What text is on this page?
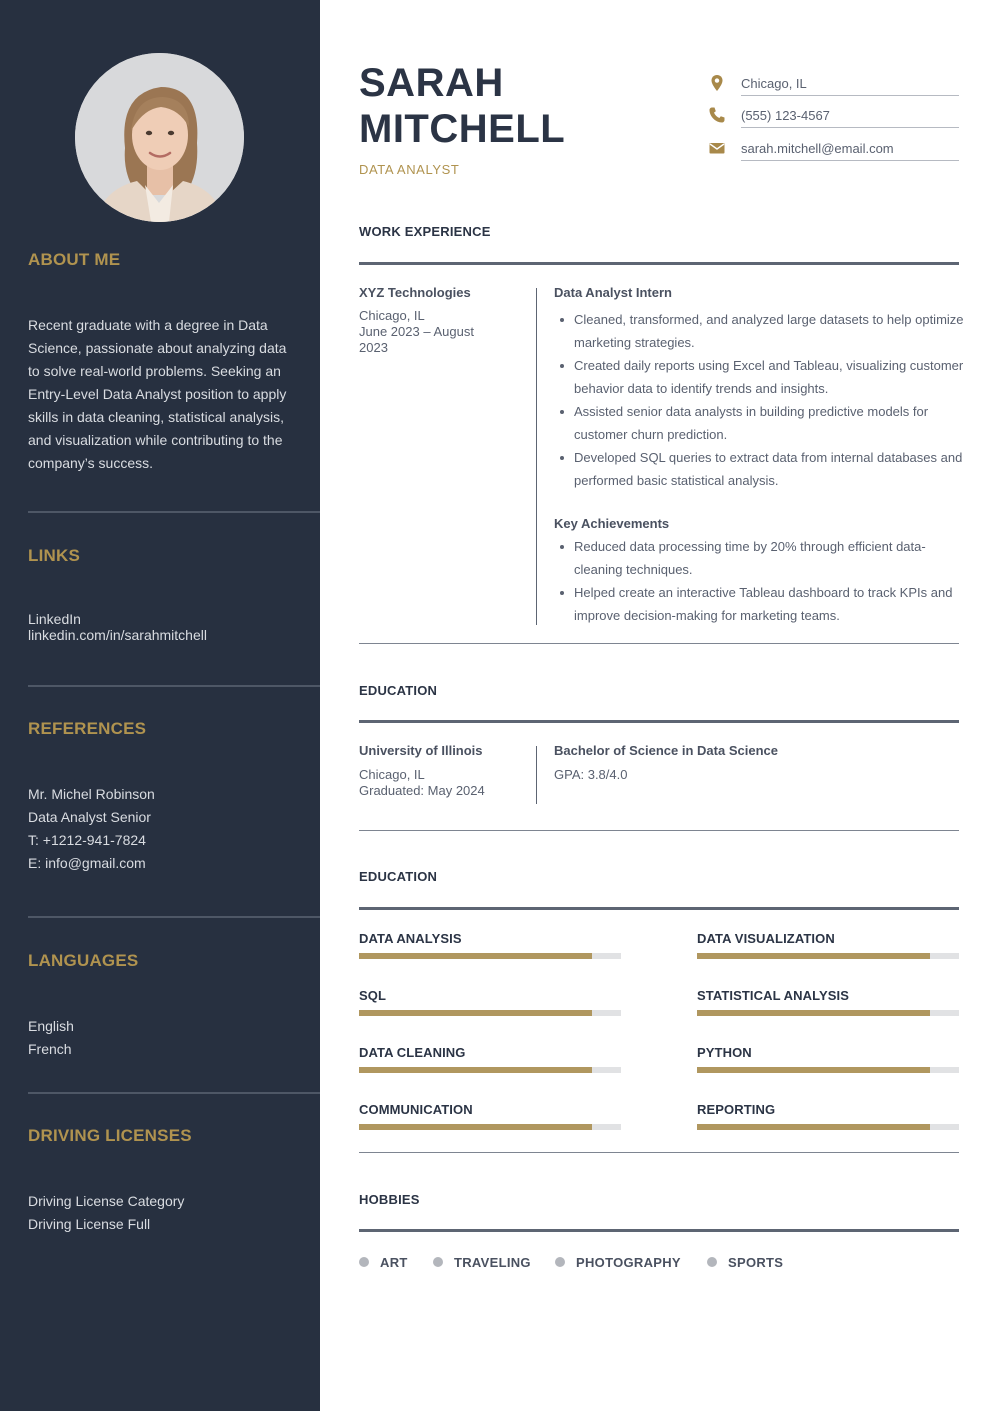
ABOUT ME

Recent graduate with a degree in Data Science, passionate about analyzing data to solve real-world problems. Seeking an Entry-Level Data Analyst position to apply skills in data cleaning, statistical analysis, and visualization while contributing to the company’s success.

LINKS
LinkedIn
linkedin.com/in/sarahmitchell
REFERENCES
Mr. Michel Robinson
Data Analyst Senior
T: +1212-941-7824
E: info@gmail.com
LANGUAGES
English
French
DRIVING LICENSES
Driving License Category
Driving License Full
SARAH
MITCHELL
DATA ANALYST
Chicago, IL
(555) 123-4567
sarah.mitchell@email.com
WORK EXPERIENCE
XYZ Technologies
Chicago, IL
June 2023 – August 2023
Data Analyst Intern
Cleaned, transformed, and analyzed large datasets to help optimize marketing strategies.
Created daily reports using Excel and Tableau, visualizing customer behavior data to identify trends and insights.
Assisted senior data analysts in building predictive models for customer churn prediction.
Developed SQL queries to extract data from internal databases and performed basic statistical analysis.
Key Achievements
Reduced data processing time by 20% through efficient data-cleaning techniques.
Helped create an interactive Tableau dashboard to track KPIs and improve decision-making for marketing teams.
EDUCATION
University of Illinois
Chicago, IL
Graduated: May 2024
Bachelor of Science in Data Science
GPA: 3.8/4.0
EDUCATION
DATA ANALYSIS	DATA VISUALIZATION
SQL	STATISTICAL ANALYSIS
DATA CLEANING	PYTHON
COMMUNICATION	REPORTING
HOBBIES
ART	TRAVELING	PHOTOGRAPHY	SPORTS
